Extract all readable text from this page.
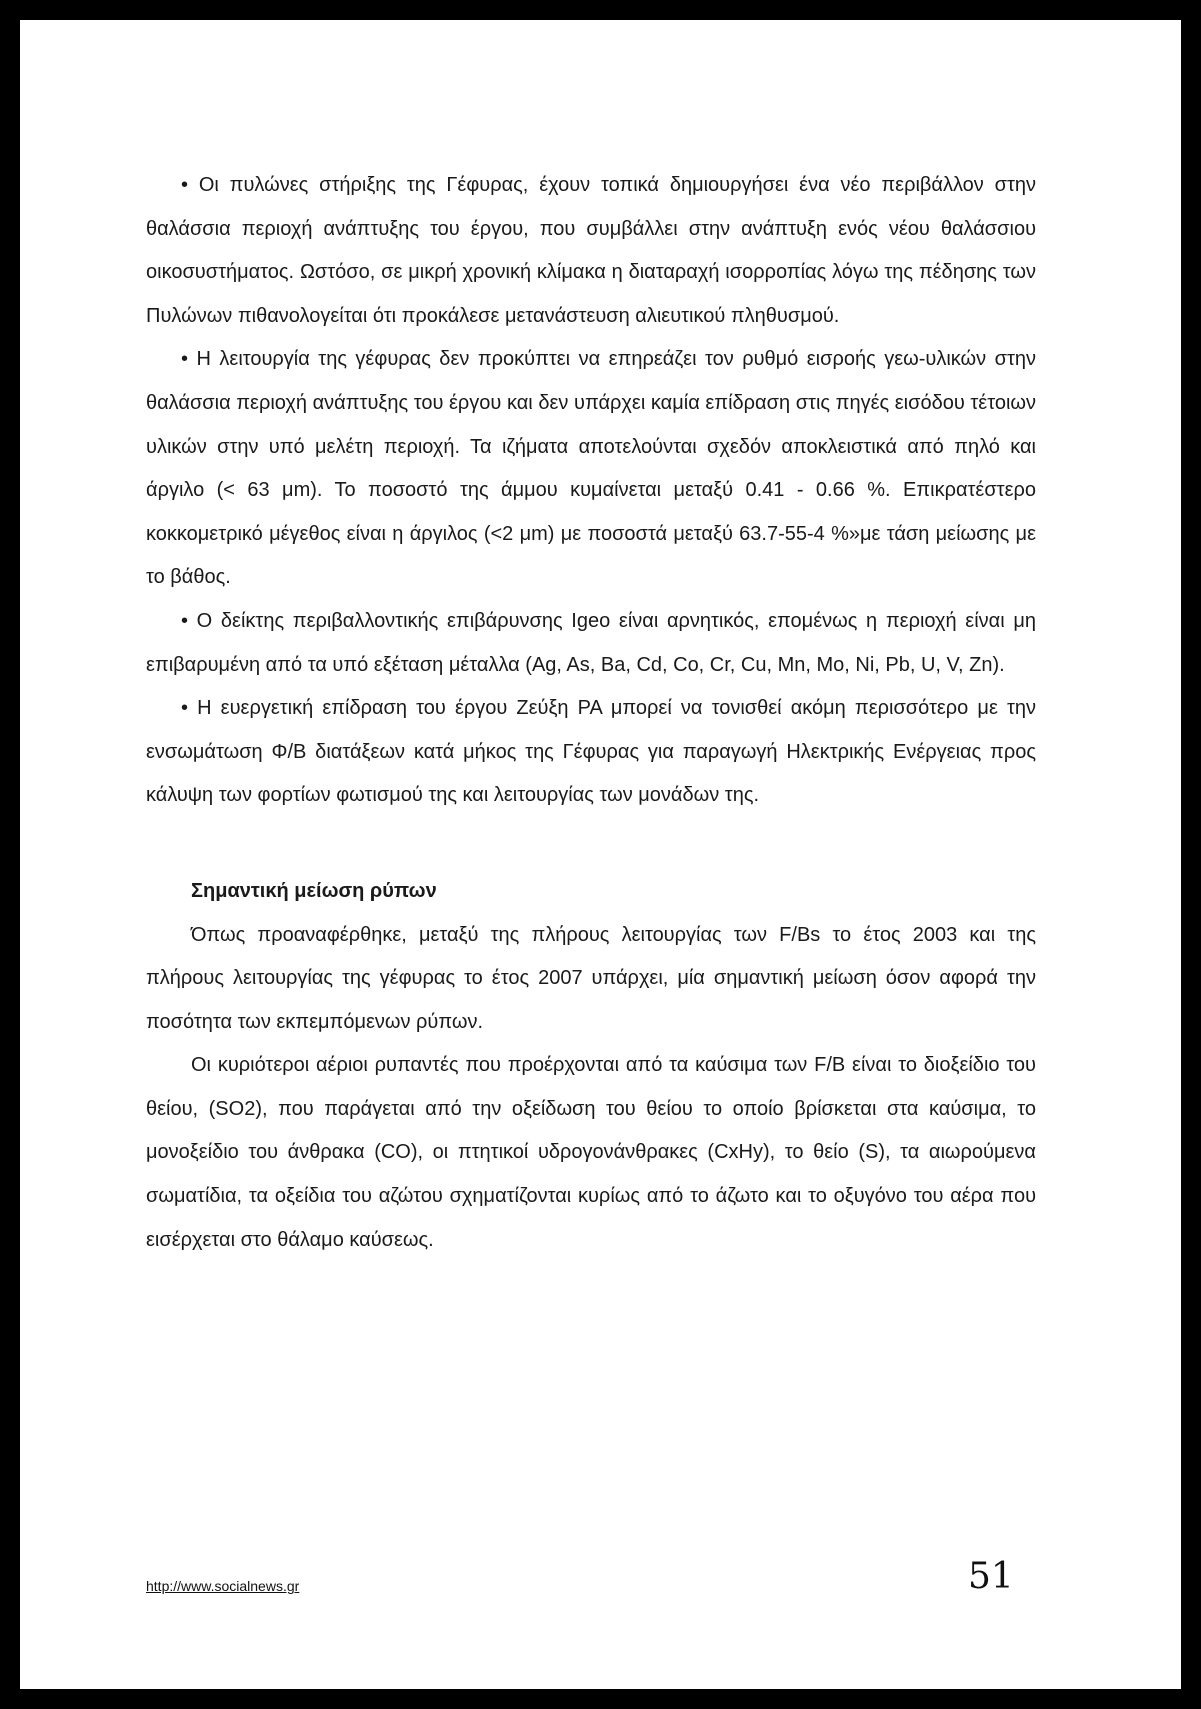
• Οι πυλώνες στήριξης της Γέφυρας, έχουν τοπικά δημιουργήσει ένα νέο περιβάλλον στην θαλάσσια περιοχή ανάπτυξης του έργου, που συμβάλλει στην ανάπτυξη ενός νέου θαλάσσιου οικοσυστήματος. Ωστόσο, σε μικρή χρονική κλίμακα η διαταραχή ισορροπίας λόγω της πέδησης των Πυλώνων πιθανολογείται ότι προκάλεσε μετανάστευση αλιευτικού πληθυσμού.

• Η λειτουργία της γέφυρας δεν προκύπτει να επηρεάζει τον ρυθμό εισροής γεω-υλικών στην θαλάσσια περιοχή ανάπτυξης του έργου και δεν υπάρχει καμία επίδραση στις πηγές εισόδου τέτοιων υλικών στην υπό μελέτη περιοχή. Τα ιζήματα αποτελούνται σχεδόν αποκλειστικά από πηλό και άργιλο (< 63 μm). Το ποσοστό της άμμου κυμαίνεται μεταξύ 0.41 - 0.66 %. Επικρατέστερο κοκκομετρικό μέγεθος είναι η άργιλος (<2 μm) με ποσοστά μεταξύ 63.7-55-4 %»με τάση μείωσης με το βάθος.

• Ο δείκτης περιβαλλοντικής επιβάρυνσης Igeo είναι αρνητικός, επομένως η περιοχή είναι μη επιβαρυμένη από τα υπό εξέταση μέταλλα (Ag, As, Ba, Cd, Co, Cr, Cu, Mn, Mo, Ni, Pb, U, V, Zn).

• Η ευεργετική επίδραση του έργου Ζεύξη PA μπορεί να τονισθεί ακόμη περισσότερο με την ενσωμάτωση Φ/Β διατάξεων κατά μήκος της Γέφυρας για παραγωγή Ηλεκτρικής Ενέργειας προς κάλυψη των φορτίων φωτισμού της και λειτουργίας των μονάδων της.

Σημαντική μείωση ρύπων

Όπως προαναφέρθηκε, μεταξύ της πλήρους λειτουργίας των F/Bs το έτος 2003 και της πλήρους λειτουργίας της γέφυρας το έτος 2007 υπάρχει, μία σημαντική μείωση όσον αφορά την ποσότητα των εκπεμπόμενων ρύπων.

Οι κυριότεροι αέριοι ρυπαντές που προέρχονται από τα καύσιμα των F/B είναι το διοξείδιο του θείου, (SO2), που παράγεται από την οξείδωση του θείου το οποίο βρίσκεται στα καύσιμα, το μονοξείδιο του άνθρακα (CO), οι πτητικοί υδρογονάνθρακες (CxHy), το θείο (S), τα αιωρούμενα σωματίδια, τα οξείδια του αζώτου σχηματίζονται κυρίως από το άζωτο και το οξυγόνο του αέρα που εισέρχεται στο θάλαμο καύσεως.

http://www.socialnews.gr	51
